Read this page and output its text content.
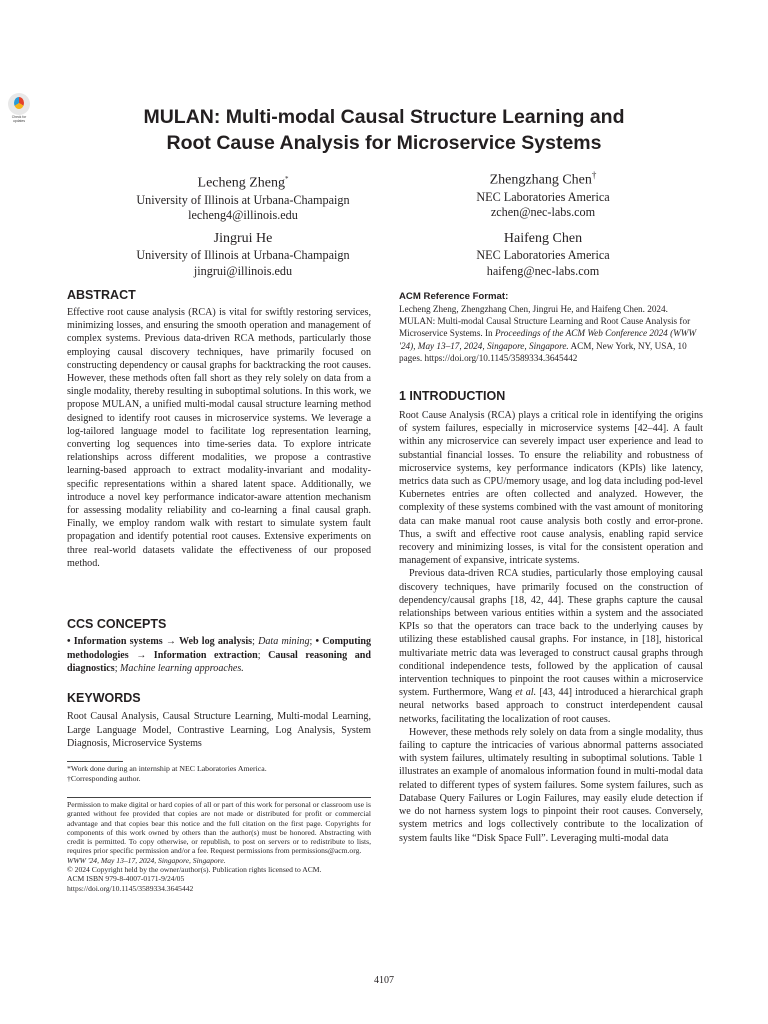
Check for
updates	MULAN: Multi-modal Causal Structure Learning and
Root Cause Analysis for Microservice Systems
Lecheng Zheng*
University of Illinois at Urbana-Champaign
lecheng4@illinois.edu
Zhengzhang Chen†
NEC Laboratories America
zchen@nec-labs.com
Jingrui He
University of Illinois at Urbana-Champaign
jingrui@illinois.edu
Haifeng Chen
NEC Laboratories America
haifeng@nec-labs.com
ABSTRACT

Effective root cause analysis (RCA) is vital for swiftly restoring services, minimizing losses, and ensuring the smooth operation and management of complex systems. Previous data-driven RCA methods, particularly those employing causal discovery techniques, have primarily focused on constructing dependency or causal graphs for backtracking the root causes. However, these methods often fall short as they rely solely on data from a single modality, thereby resulting in suboptimal solutions. In this work, we propose MULAN, a unified multi-modal causal structure learning method designed to identify root causes in microservice systems. We leverage a log-tailored language model to facilitate log representation learning, converting log sequences into time-series data. To explore intricate relationships across different modalities, we propose a contrastive learning-based approach to extract modality-invariant and modality-specific representations within a shared latent space. Additionally, we introduce a novel key performance indicator-aware attention mechanism for assessing modality reliability and co-learning a final causal graph. Finally, we employ random walk with restart to simulate system fault propagation and identify potential root causes. Extensive experiments on three real-world datasets validate the effectiveness of our proposed method.

CCS CONCEPTS
• Information systems → Web log analysis; Data mining; • Computing methodologies → Information extraction; Causal reasoning and diagnostics; Machine learning approaches.
KEYWORDS

Root Causal Analysis, Causal Structure Learning, Multi-modal Learning, Large Language Model, Contrastive Learning, Log Analysis, System Diagnosis, Microservice Systems

*Work done during an internship at NEC Laboratories America.
†Corresponding author.
Permission to make digital or hard copies of all or part of this work for personal or classroom use is granted without fee provided that copies are not made or distributed for profit or commercial advantage and that copies bear this notice and the full citation on the first page. Copyrights for components of this work owned by others than the author(s) must be honored. Abstracting with credit is permitted. To copy otherwise, or republish, to post on servers or to redistribute to lists, requires prior specific permission and/or a fee. Request permissions from permissions@acm.org.
WWW '24, May 13–17, 2024, Singapore, Singapore.
© 2024 Copyright held by the owner/author(s). Publication rights licensed to ACM.
ACM ISBN 979-8-4007-0171-9/24/05
https://doi.org/10.1145/3589334.3645442
ACM Reference Format:
Lecheng Zheng, Zhengzhang Chen, Jingrui He, and Haifeng Chen. 2024. MULAN: Multi-modal Causal Structure Learning and Root Cause Analysis for Microservice Systems. In Proceedings of the ACM Web Conference 2024 (WWW '24), May 13–17, 2024, Singapore, Singapore. ACM, New York, NY, USA, 10 pages. https://doi.org/10.1145/3589334.3645442
1 INTRODUCTION

Root Cause Analysis (RCA) plays a critical role in identifying the origins of system failures, especially in microservice systems [42–44]. A fault within any microservice can severely impact user experience and lead to substantial financial losses. To ensure the reliability and robustness of microservice systems, key performance indicators (KPIs) like latency, metrics data such as CPU/memory usage, and log data including pod-level Kubernetes entries are often collected and analyzed. However, the complexity of these systems combined with the vast amount of monitoring data can make manual root cause analysis both costly and error-prone. Thus, a swift and effective root cause analysis, enabling rapid service recovery and minimizing losses, is vital for the consistent operation and management of expansive, intricate systems.

Previous data-driven RCA studies, particularly those employing causal discovery techniques, have primarily focused on the construction of dependency/causal graphs [18, 42, 44]. These graphs capture the causal relationships between various entities within a system and the associated KPIs so that the operators can trace back to the underlying causes by utilizing these established causal graphs. For instance, in [18], historical multivariate metric data was leveraged to construct causal graphs through conditional independence tests, followed by the application of causal intervention techniques to pinpoint the root causes within a microservice system. Furthermore, Wang et al. [43, 44] introduced a hierarchical graph neural networks based approach to construct interdependent causal networks, facilitating the localization of root causes.

However, these methods rely solely on data from a single modality, thus failing to capture the intricacies of various abnormal patterns associated with system failures, ultimately resulting in suboptimal solutions. Table 1 illustrates an example of anomalous information found in multi-modal data related to different types of system failures. Some system failures, such as Database Query Failures or Login Failures, may easily elude detection if we do not harness system logs to pinpoint their root causes. Conversely, system metrics and logs collectively contribute to the localization of system faults like “Disk Space Full”. Leveraging multi-modal data

4107
